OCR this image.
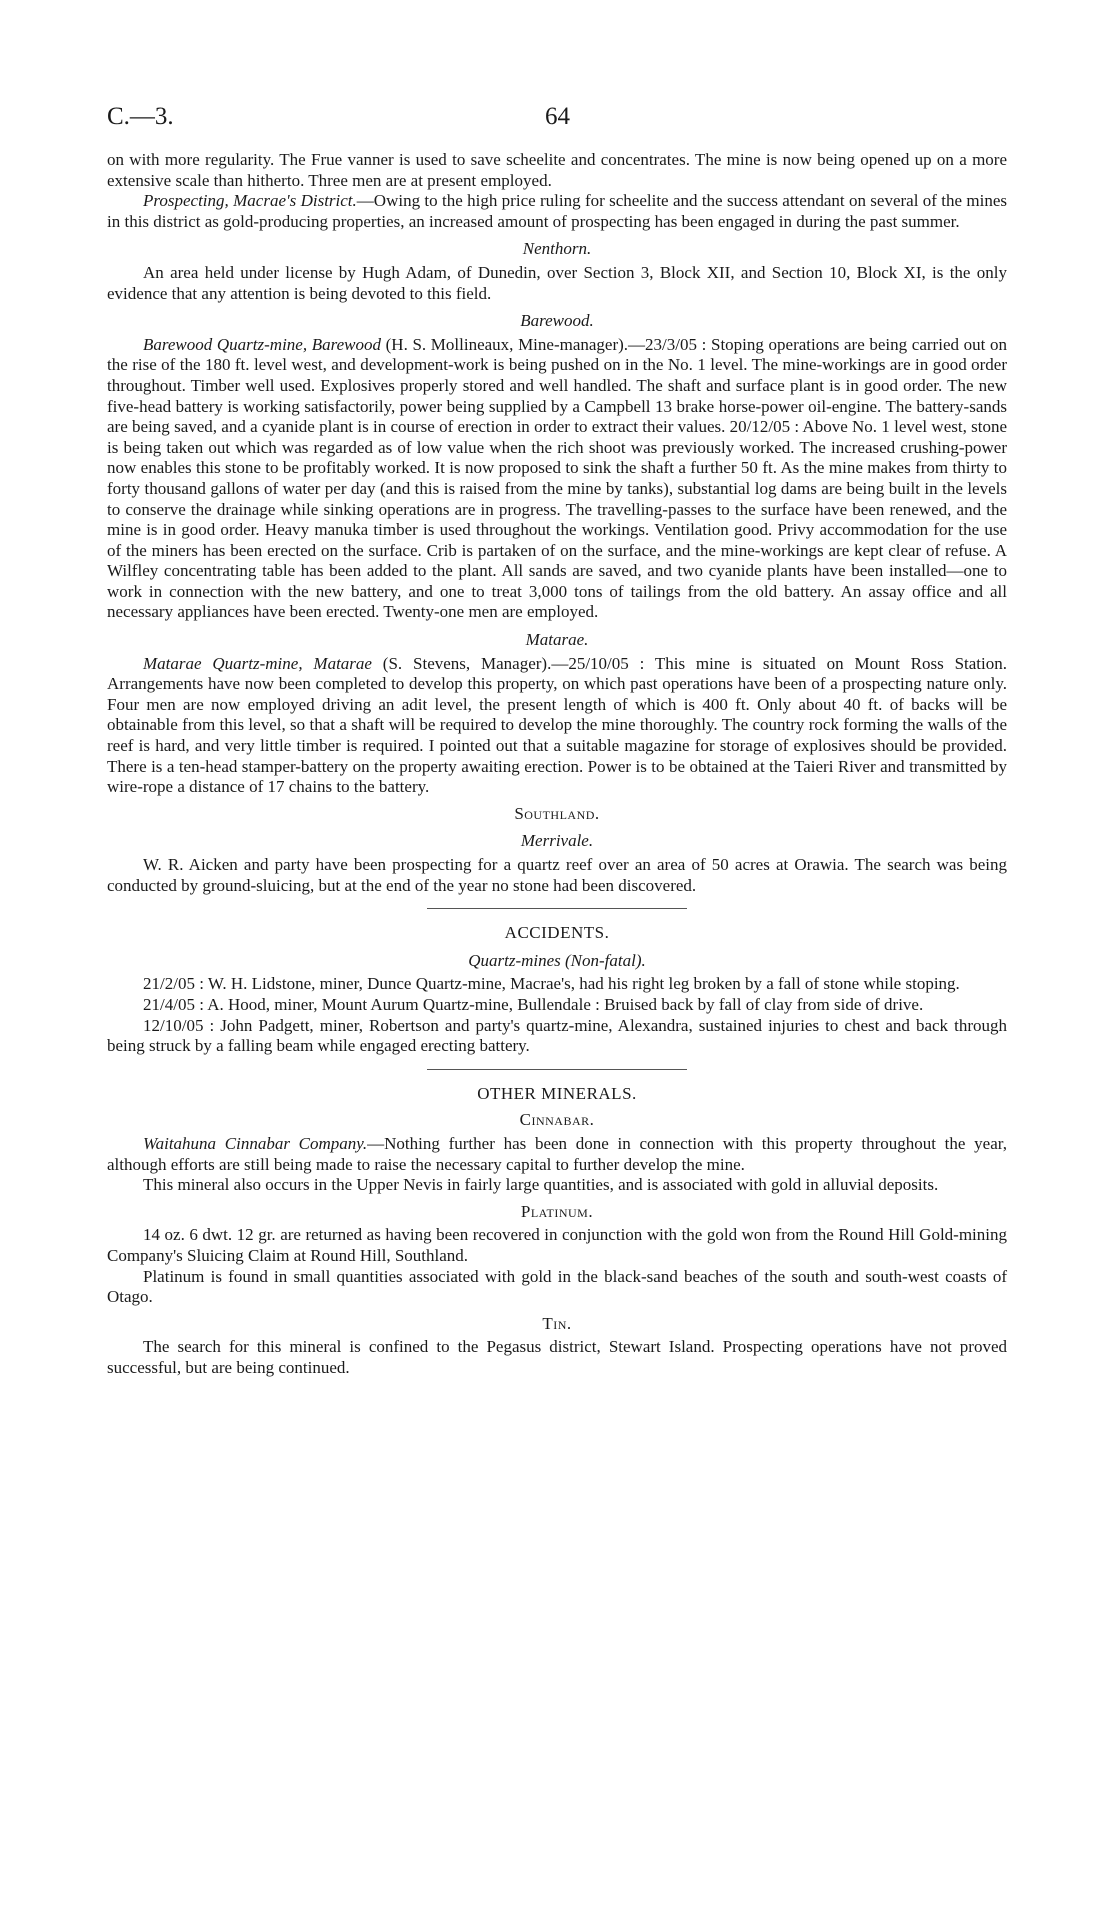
C.—3.	64

on with more regularity. The Frue vanner is used to save scheelite and concentrates. The mine is now being opened up on a more extensive scale than hitherto. Three men are at present employed.

Prospecting, Macrae's District.—Owing to the high price ruling for scheelite and the success attendant on several of the mines in this district as gold-producing properties, an increased amount of prospecting has been engaged in during the past summer.

Nenthorn.

An area held under license by Hugh Adam, of Dunedin, over Section 3, Block XII, and Section 10, Block XI, is the only evidence that any attention is being devoted to this field.

Barewood.

Barewood Quartz-mine, Barewood (H. S. Mollineaux, Mine-manager).—23/3/05 : Stoping operations are being carried out on the rise of the 180 ft. level west, and development-work is being pushed on in the No. 1 level. The mine-workings are in good order throughout. Timber well used. Explosives properly stored and well handled. The shaft and surface plant is in good order. The new five-head battery is working satisfactorily, power being supplied by a Campbell 13 brake horse-power oil-engine. The battery-sands are being saved, and a cyanide plant is in course of erection in order to extract their values. 20/12/05 : Above No. 1 level west, stone is being taken out which was regarded as of low value when the rich shoot was previously worked. The increased crushing-power now enables this stone to be profitably worked. It is now proposed to sink the shaft a further 50 ft. As the mine makes from thirty to forty thousand gallons of water per day (and this is raised from the mine by tanks), substantial log dams are being built in the levels to conserve the drainage while sinking operations are in progress. The travelling-passes to the surface have been renewed, and the mine is in good order. Heavy manuka timber is used throughout the workings. Ventilation good. Privy accommodation for the use of the miners has been erected on the surface. Crib is partaken of on the surface, and the mine-workings are kept clear of refuse. A Wilfley concentrating table has been added to the plant. All sands are saved, and two cyanide plants have been installed—one to work in connection with the new battery, and one to treat 3,000 tons of tailings from the old battery. An assay office and all necessary appliances have been erected. Twenty-one men are employed.

Matarae.

Matarae Quartz-mine, Matarae (S. Stevens, Manager).—25/10/05 : This mine is situated on Mount Ross Station. Arrangements have now been completed to develop this property, on which past operations have been of a prospecting nature only. Four men are now employed driving an adit level, the present length of which is 400 ft. Only about 40 ft. of backs will be obtainable from this level, so that a shaft will be required to develop the mine thoroughly. The country rock forming the walls of the reef is hard, and very little timber is required. I pointed out that a suitable magazine for storage of explosives should be provided. There is a ten-head stamper-battery on the property awaiting erection. Power is to be obtained at the Taieri River and transmitted by wire-rope a distance of 17 chains to the battery.

Southland.
Merrivale.

W. R. Aicken and party have been prospecting for a quartz reef over an area of 50 acres at Orawia. The search was being conducted by ground-sluicing, but at the end of the year no stone had been discovered.

ACCIDENTS.
Quartz-mines (Non-fatal).

21/2/05 : W. H. Lidstone, miner, Dunce Quartz-mine, Macrae's, had his right leg broken by a fall of stone while stoping.

21/4/05 : A. Hood, miner, Mount Aurum Quartz-mine, Bullendale : Bruised back by fall of clay from side of drive.

12/10/05 : John Padgett, miner, Robertson and party's quartz-mine, Alexandra, sustained injuries to chest and back through being struck by a falling beam while engaged erecting battery.

OTHER MINERALS.
Cinnabar.

Waitahuna Cinnabar Company.—Nothing further has been done in connection with this property throughout the year, although efforts are still being made to raise the necessary capital to further develop the mine.

This mineral also occurs in the Upper Nevis in fairly large quantities, and is associated with gold in alluvial deposits.

Platinum.

14 oz. 6 dwt. 12 gr. are returned as having been recovered in conjunction with the gold won from the Round Hill Gold-mining Company's Sluicing Claim at Round Hill, Southland.

Platinum is found in small quantities associated with gold in the black-sand beaches of the south and south-west coasts of Otago.

Tin.

The search for this mineral is confined to the Pegasus district, Stewart Island. Prospecting operations have not proved successful, but are being continued.
